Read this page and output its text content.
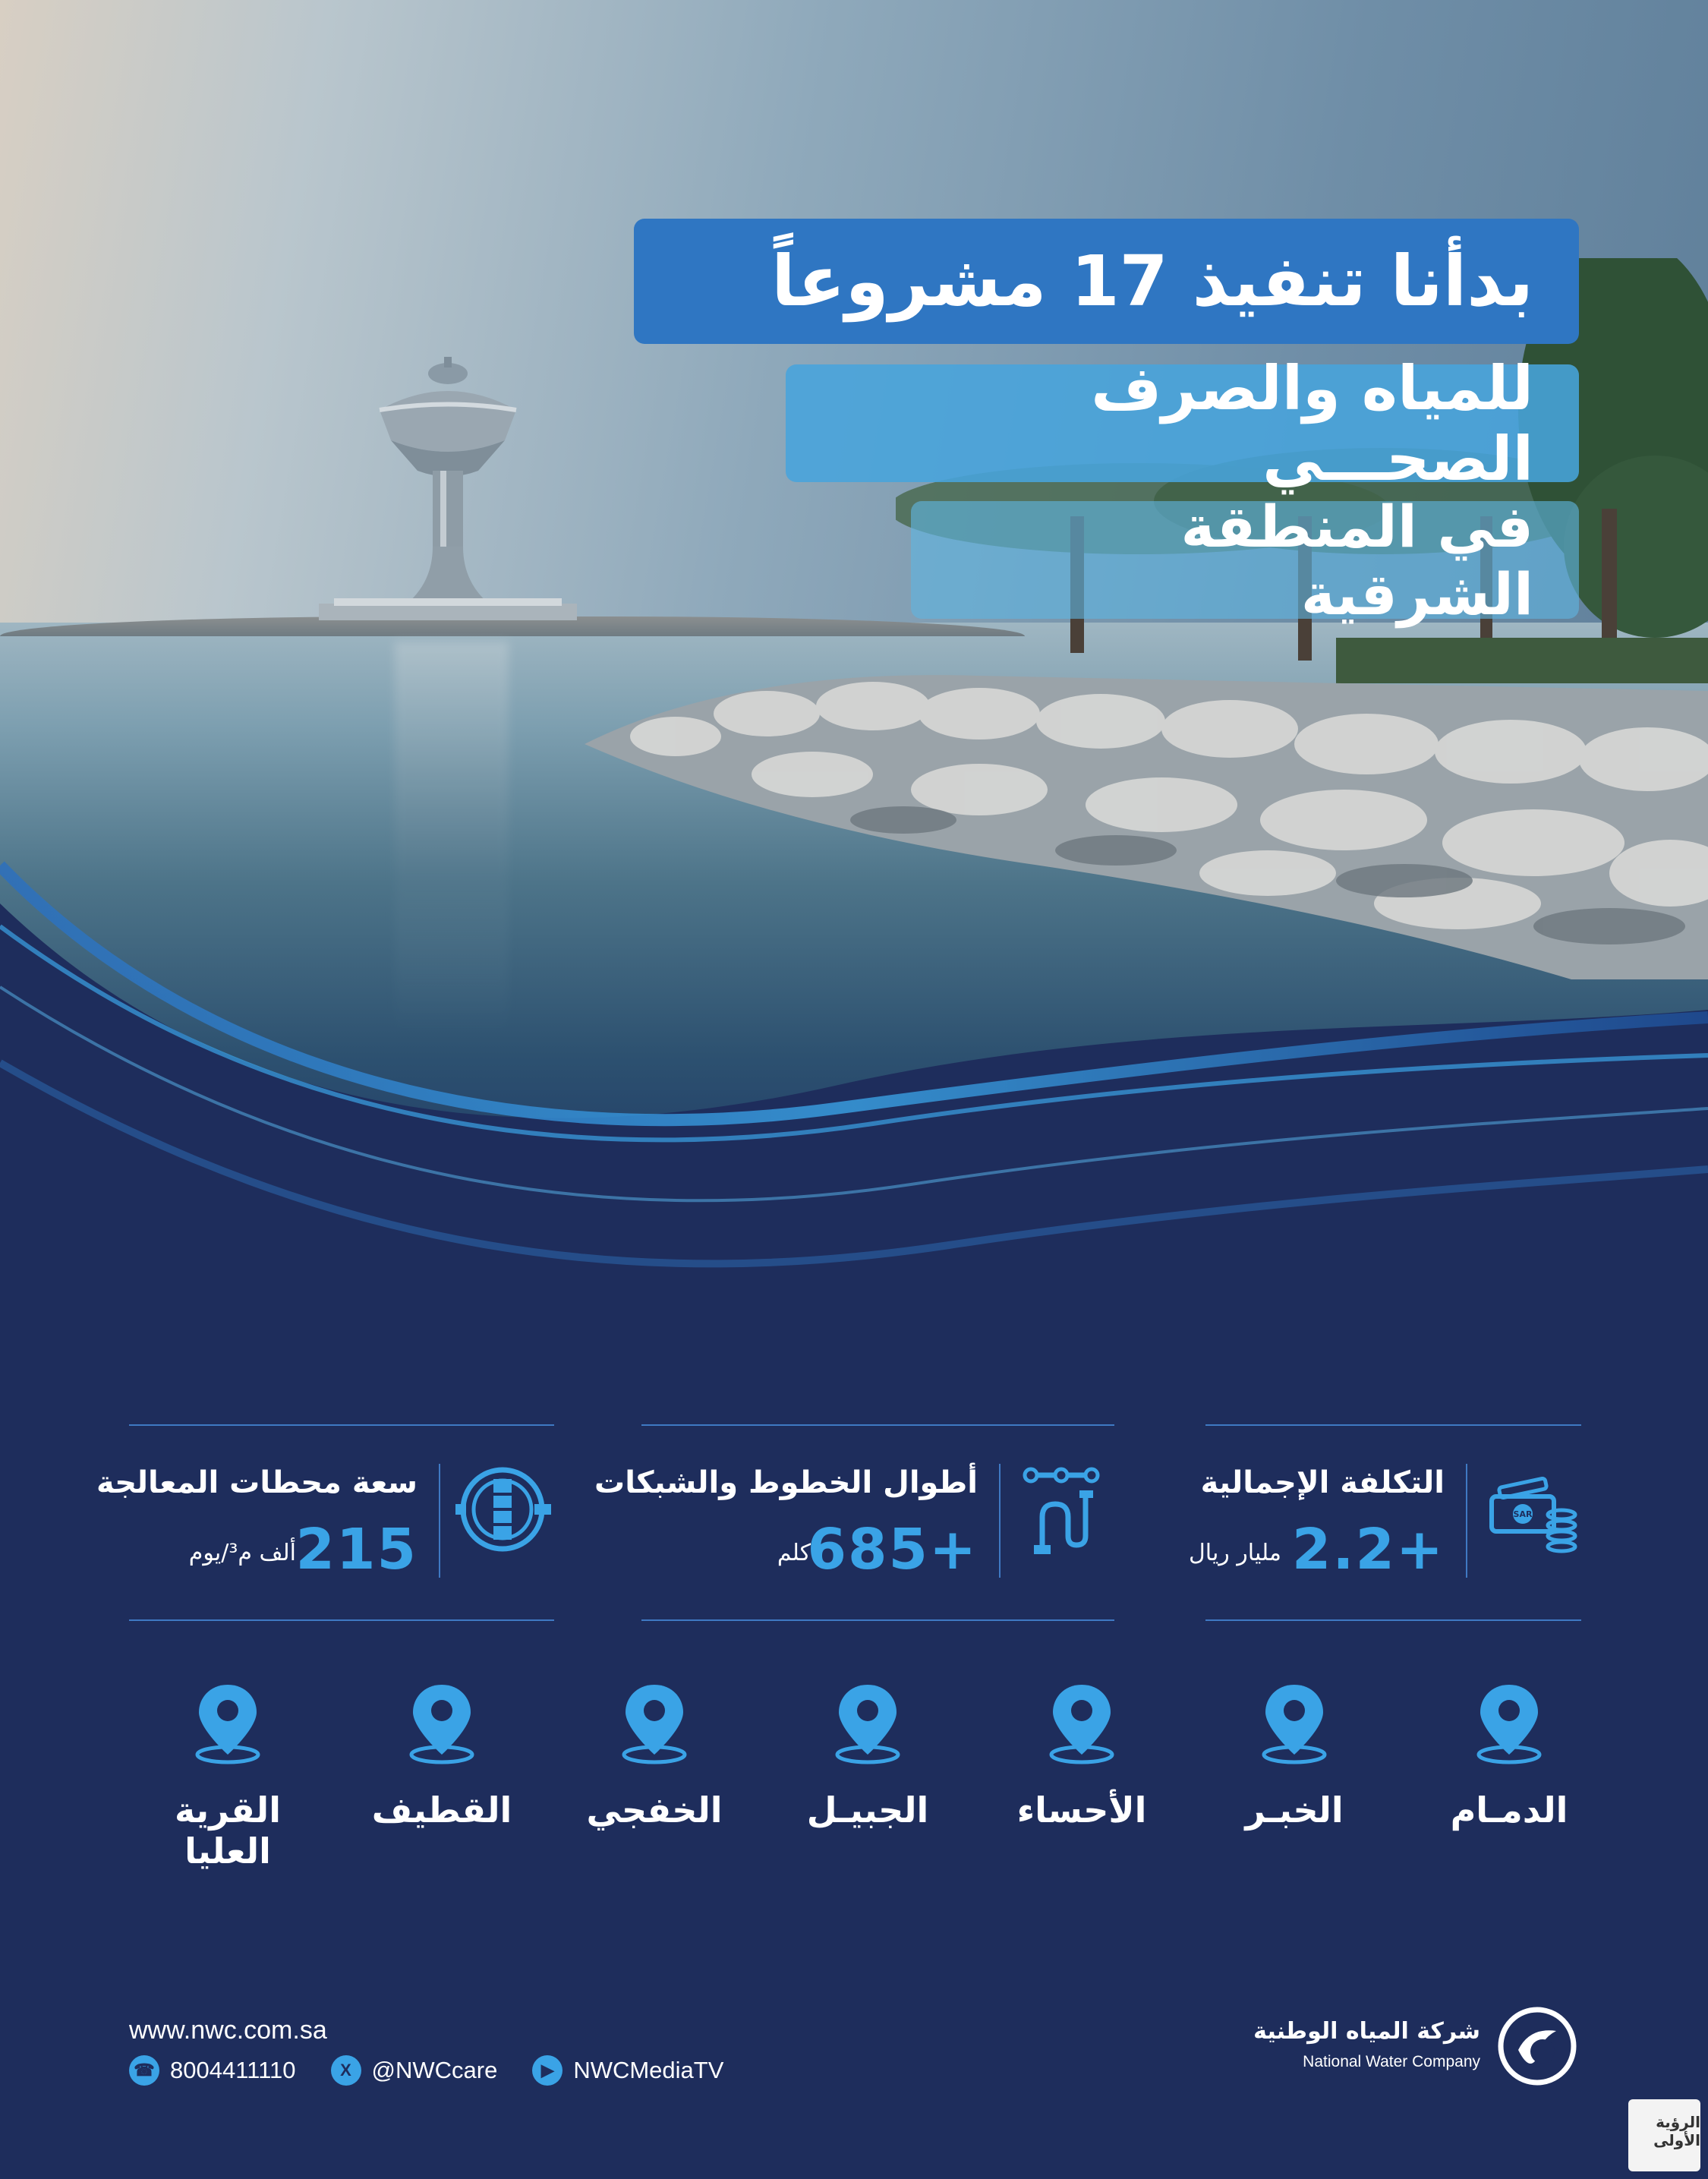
بدأنا تنفيذ 17 مشروعاً
للمياه والصرف الصحـــي
في المنطقة الشرقية
SAR
التكلفة الإجمالية
+2.2
مليار ريال
أطوال الخطوط والشبكات
+685
كلم
سعة محطات المعالجة
215
ألف م³/يوم
الدمـام
الخبـر
الأحساء
الجبيـل
الخفجي
القطيف
القرية العليا
www.nwc.com.sa
☎ 8004411110	X @NWCcare	▶ NWCMediaTV
شركة المياه الوطنية
National Water Company
الرؤية الأولى
